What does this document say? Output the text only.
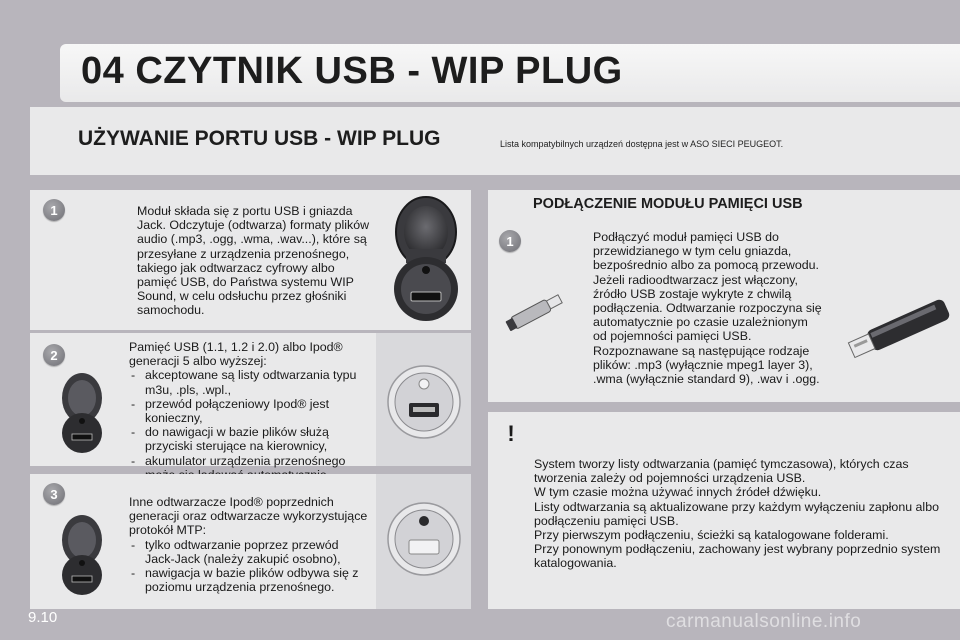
04 CZYTNIK USB - WIP PLUG
UŻYWANIE PORTU USB - WIP PLUG	Lista kompatybilnych urządzeń dostępna jest w ASO SIECI PEUGEOT.
1	Moduł składa się z portu USB i gniazda Jack. Odczytuje (odtwarza) formaty plików audio (.mp3, .ogg, .wma, .wav...), które są przesyłane z urządzenia przenośnego, takiego jak odtwarzacz cyfrowy albo pamięć USB, do Państwa systemu WIP Sound, w celu odsłuchu przez głośniki samochodu.
2
Pamięć USB (1.1, 1.2 i 2.0) albo Ipod® generacji 5 albo wyższej:
- akceptowane są listy odtwarzania typu m3u, .pls, .wpl.,
- przewód połączeniowy Ipod® jest konieczny,
- do nawigacji w bazie plików służą przyciski sterujące na kierownicy,
- akumulator urządzenia przenośnego
3
Inne odtwarzacze Ipod® poprzednich generacji oraz odtwarzacze wykorzystujące protokół MTP:
- tylko odtwarzanie poprzez przewód Jack-Jack (należy zakupić osobno),
- nawigacja w bazie plików odbywa się z poziomu urządzenia przenośnego.
PODŁĄCZENIE MODUŁU PAMIĘCI USB
1	Podłączyć moduł pamięci USB do przewidzianego w tym celu gniazda, bezpośrednio albo za pomocą przewodu. Jeżeli radioodtwarzacz jest włączony, źródło USB zostaje wykryte z chwilą podłączenia. Odtwarzanie rozpoczyna się automatycznie po czasie uzależnionym od pojemności pamięci USB.
Rozpoznawane są następujące rodzaje plików: .mp3 (wyłącznie mpeg1 layer 3), .wma (wyłącznie standard 9), .wav i .ogg.
!
System tworzy listy odtwarzania (pamięć tymczasowa), których czas tworzenia zależy od pojemności urządzenia USB.
W tym czasie można używać innych źródeł dźwięku.
Listy odtwarzania są aktualizowane przy każdym wyłączeniu zapłonu albo podłączeniu pamięci USB.
Przy pierwszym podłączeniu, ścieżki są katalogowane folderami.
Przy ponownym podłączeniu, zachowany jest wybrany poprzednio system katalogowania.
9.10	carmanualsonline.info
